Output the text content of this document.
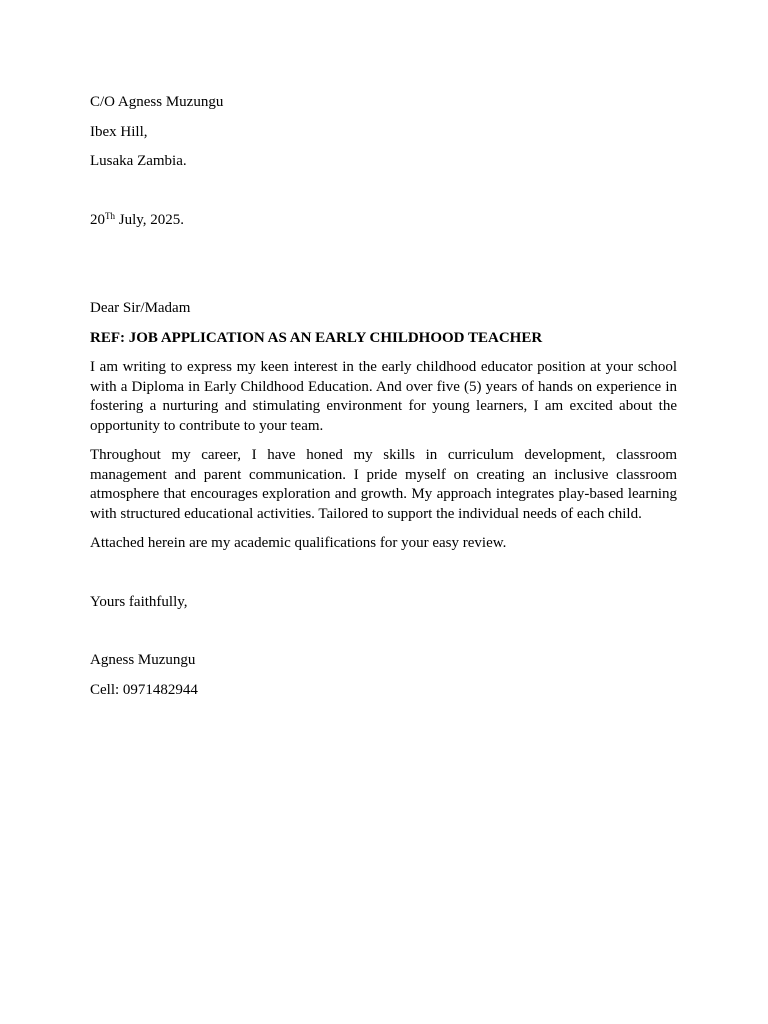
C/O Agness Muzungu

Ibex Hill,

Lusaka Zambia.

20Th July, 2025.

Dear Sir/Madam

REF: JOB APPLICATION AS AN EARLY CHILDHOOD TEACHER

I am writing to express my keen interest in the early childhood educator position at your school with a Diploma in Early Childhood Education. And over five (5) years of hands on experience in fostering a nurturing and stimulating environment for young learners, I am excited about the opportunity to contribute to your team.

Throughout my career, I have honed my skills in curriculum development, classroom management and parent communication. I pride myself on creating an inclusive classroom atmosphere that encourages exploration and growth. My approach integrates play-based learning with structured educational activities. Tailored to support the individual needs of each child.

Attached herein are my academic qualifications for your easy review.

Yours faithfully,

Agness Muzungu

Cell: 0971482944
